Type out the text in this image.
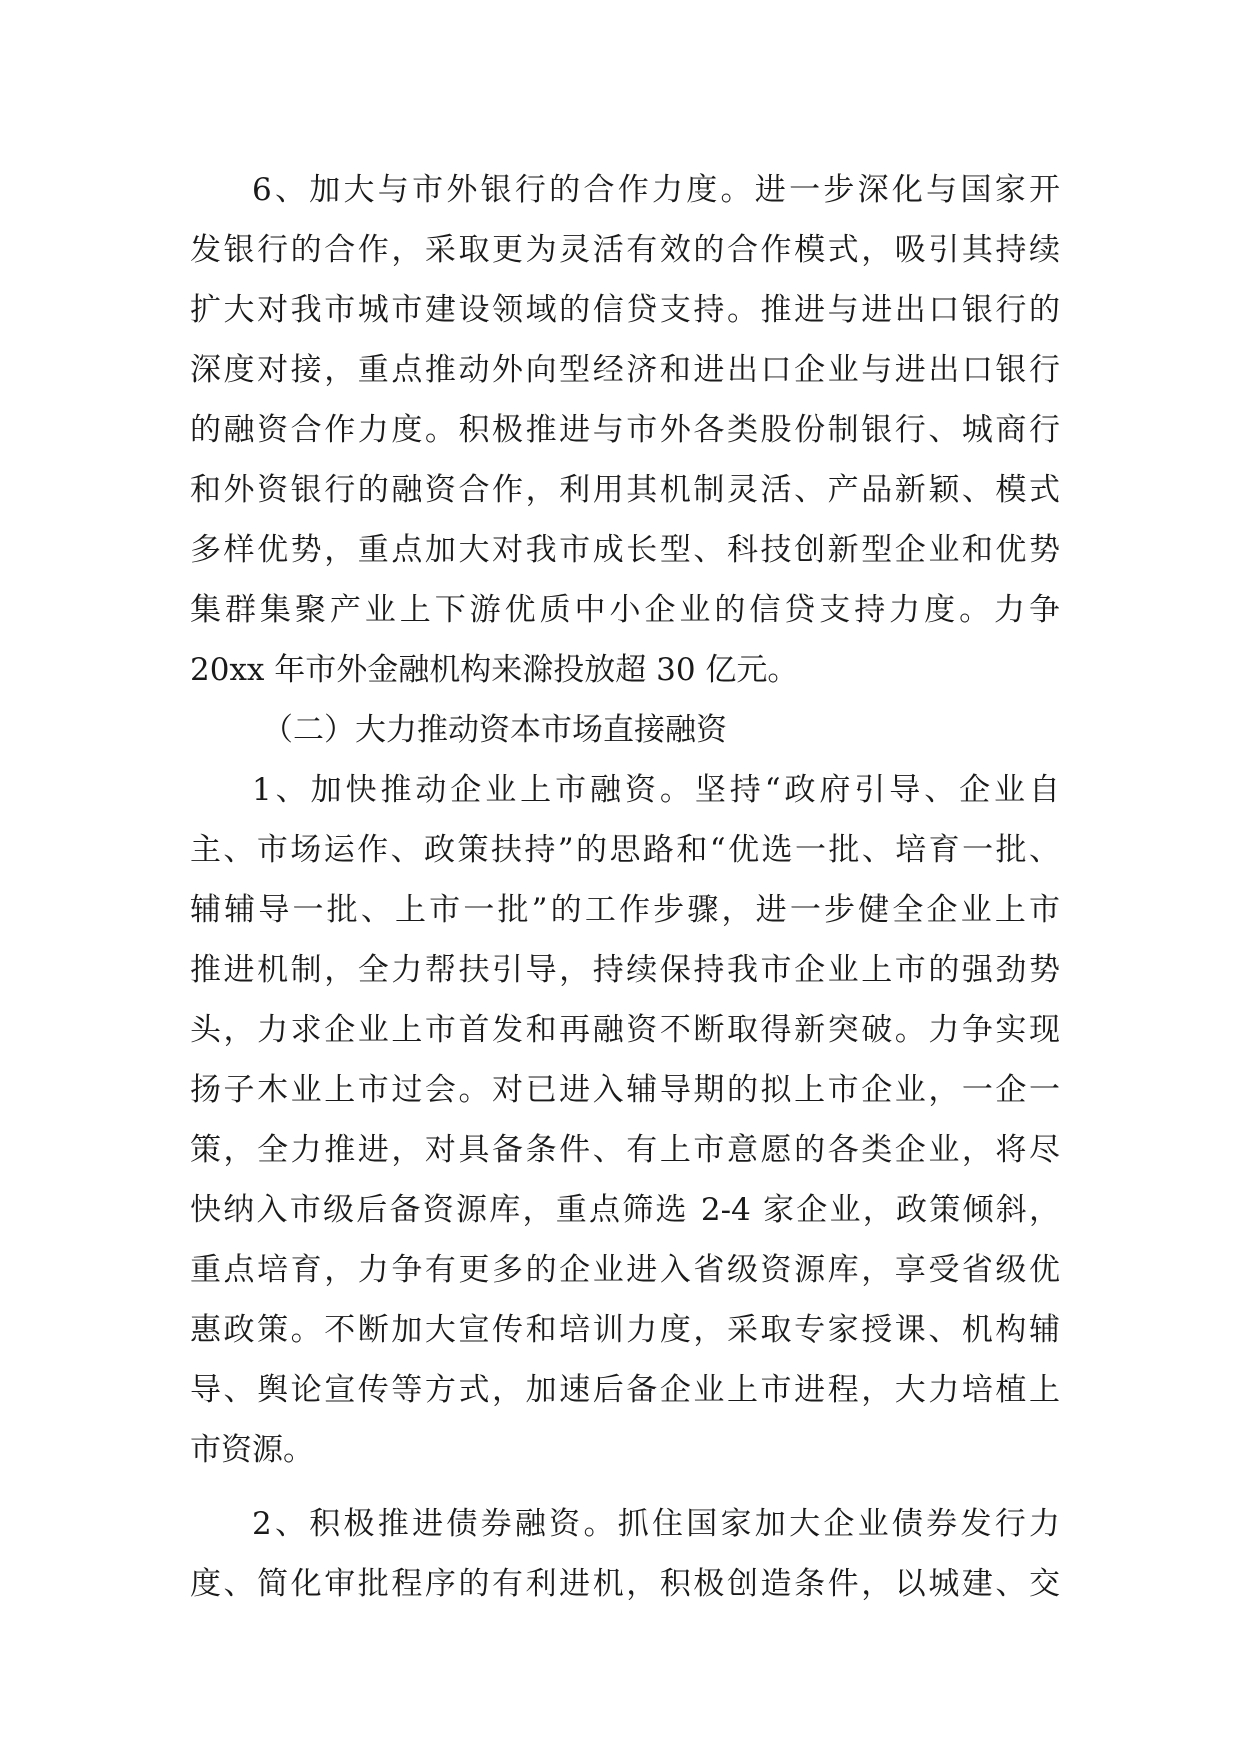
6、加大与市外银行的合作力度。进一步深化与国家开
发银行的合作，采取更为灵活有效的合作模式，吸引其持续
扩大对我市城市建设领域的信贷支持。推进与进出口银行的
深度对接，重点推动外向型经济和进出口企业与进出口银行
的融资合作力度。积极推进与市外各类股份制银行、城商行
和外资银行的融资合作，利用其机制灵活、产品新颖、模式
多样优势，重点加大对我市成长型、科技创新型企业和优势
集群集聚产业上下游优质中小企业的信贷支持力度。力争
20xx 年市外金融机构来滁投放超 30 亿元。
（二）大力推动资本市场直接融资
1、加快推动企业上市融资。坚持“政府引导、企业自
主、市场运作、政策扶持”的思路和“优选一批、培育一批、
辅辅导一批、上市一批”的工作步骤，进一步健全企业上市
推进机制，全力帮扶引导，持续保持我市企业上市的强劲势
头，力求企业上市首发和再融资不断取得新突破。力争实现
扬子木业上市过会。对已进入辅导期的拟上市企业，一企一
策，全力推进，对具备条件、有上市意愿的各类企业，将尽
快纳入市级后备资源库，重点筛选 2-4 家企业，政策倾斜，
重点培育，力争有更多的企业进入省级资源库，享受省级优
惠政策。不断加大宣传和培训力度，采取专家授课、机构辅
导、舆论宣传等方式，加速后备企业上市进程，大力培植上
市资源。
2、积极推进债券融资。抓住国家加大企业债券发行力
度、简化审批程序的有利进机，积极创造条件，以城建、交
